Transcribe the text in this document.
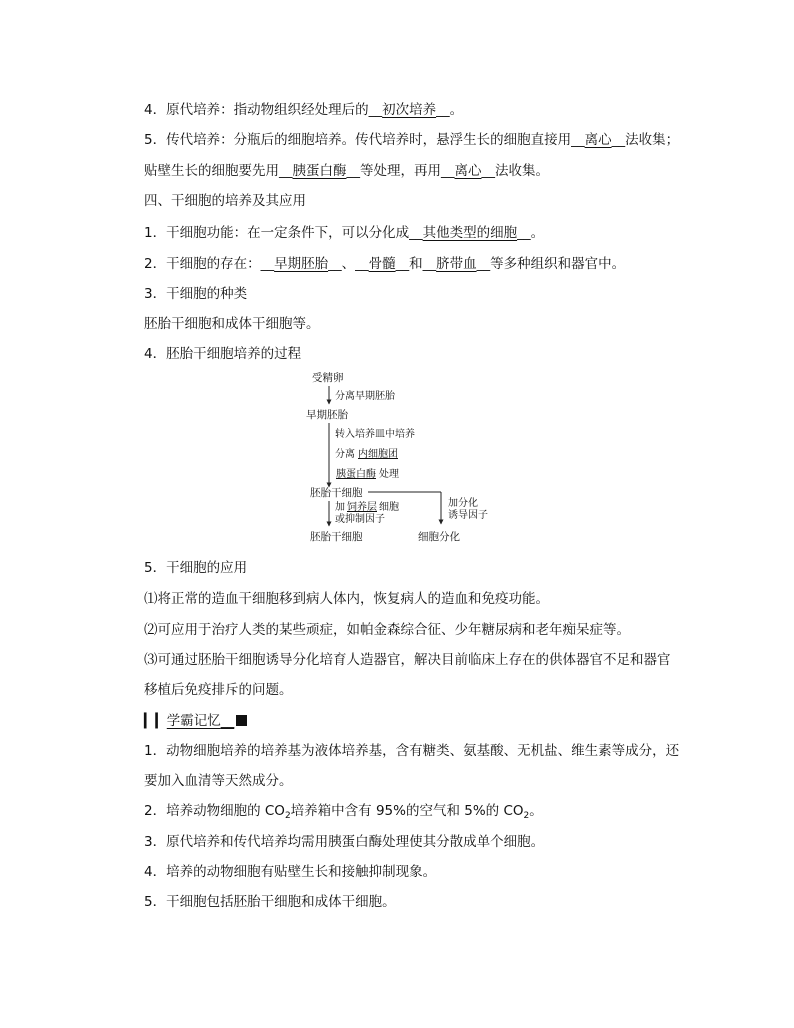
4．原代培养：指动物组织经处理后的__初次培养__。
5．传代培养：分瓶后的细胞培养。传代培养时，悬浮生长的细胞直接用__离心__法收集；
贴壁生长的细胞要先用__胰蛋白酶__等处理，再用__离心__法收集。
四、干细胞的培养及其应用
1．干细胞功能：在一定条件下，可以分化成__其他类型的细胞__。
2．干细胞的存在：__早期胚胎__、__骨髓__和__脐带血__等多种组织和器官中。
3．干细胞的种类
胚胎干细胞和成体干细胞等。
4．胚胎干细胞培养的过程
受精卵
分离早期胚胎
早期胚胎
转入培养皿中培养
分离 内细胞团
胰蛋白酶 处理
胚胎干细胞
加分化
诱导因子
加 饲养层 细胞
或抑制因子
胚胎干细胞	细胞分化
5．干细胞的应用
⑴将正常的造血干细胞移到病人体内，恢复病人的造血和免疫功能。
⑵可应用于治疗人类的某些顽症，如帕金森综合征、少年糖尿病和老年痴呆症等。
⑶可通过胚胎干细胞诱导分化培育人造器官，解决目前临床上存在的供体器官不足和器官
移植后免疫排斥的问题。
▎▎学霸记忆__
1．动物细胞培养的培养基为液体培养基，含有糖类、氨基酸、无机盐、维生素等成分，还
要加入血清等天然成分。
2．培养动物细胞的 $CO_2$培养箱中含有 95%的空气和 5%的 $CO_2$。
3．原代培养和传代培养均需用胰蛋白酶处理使其分散成单个细胞。
4．培养的动物细胞有贴壁生长和接触抑制现象。
5．干细胞包括胚胎干细胞和成体干细胞。
